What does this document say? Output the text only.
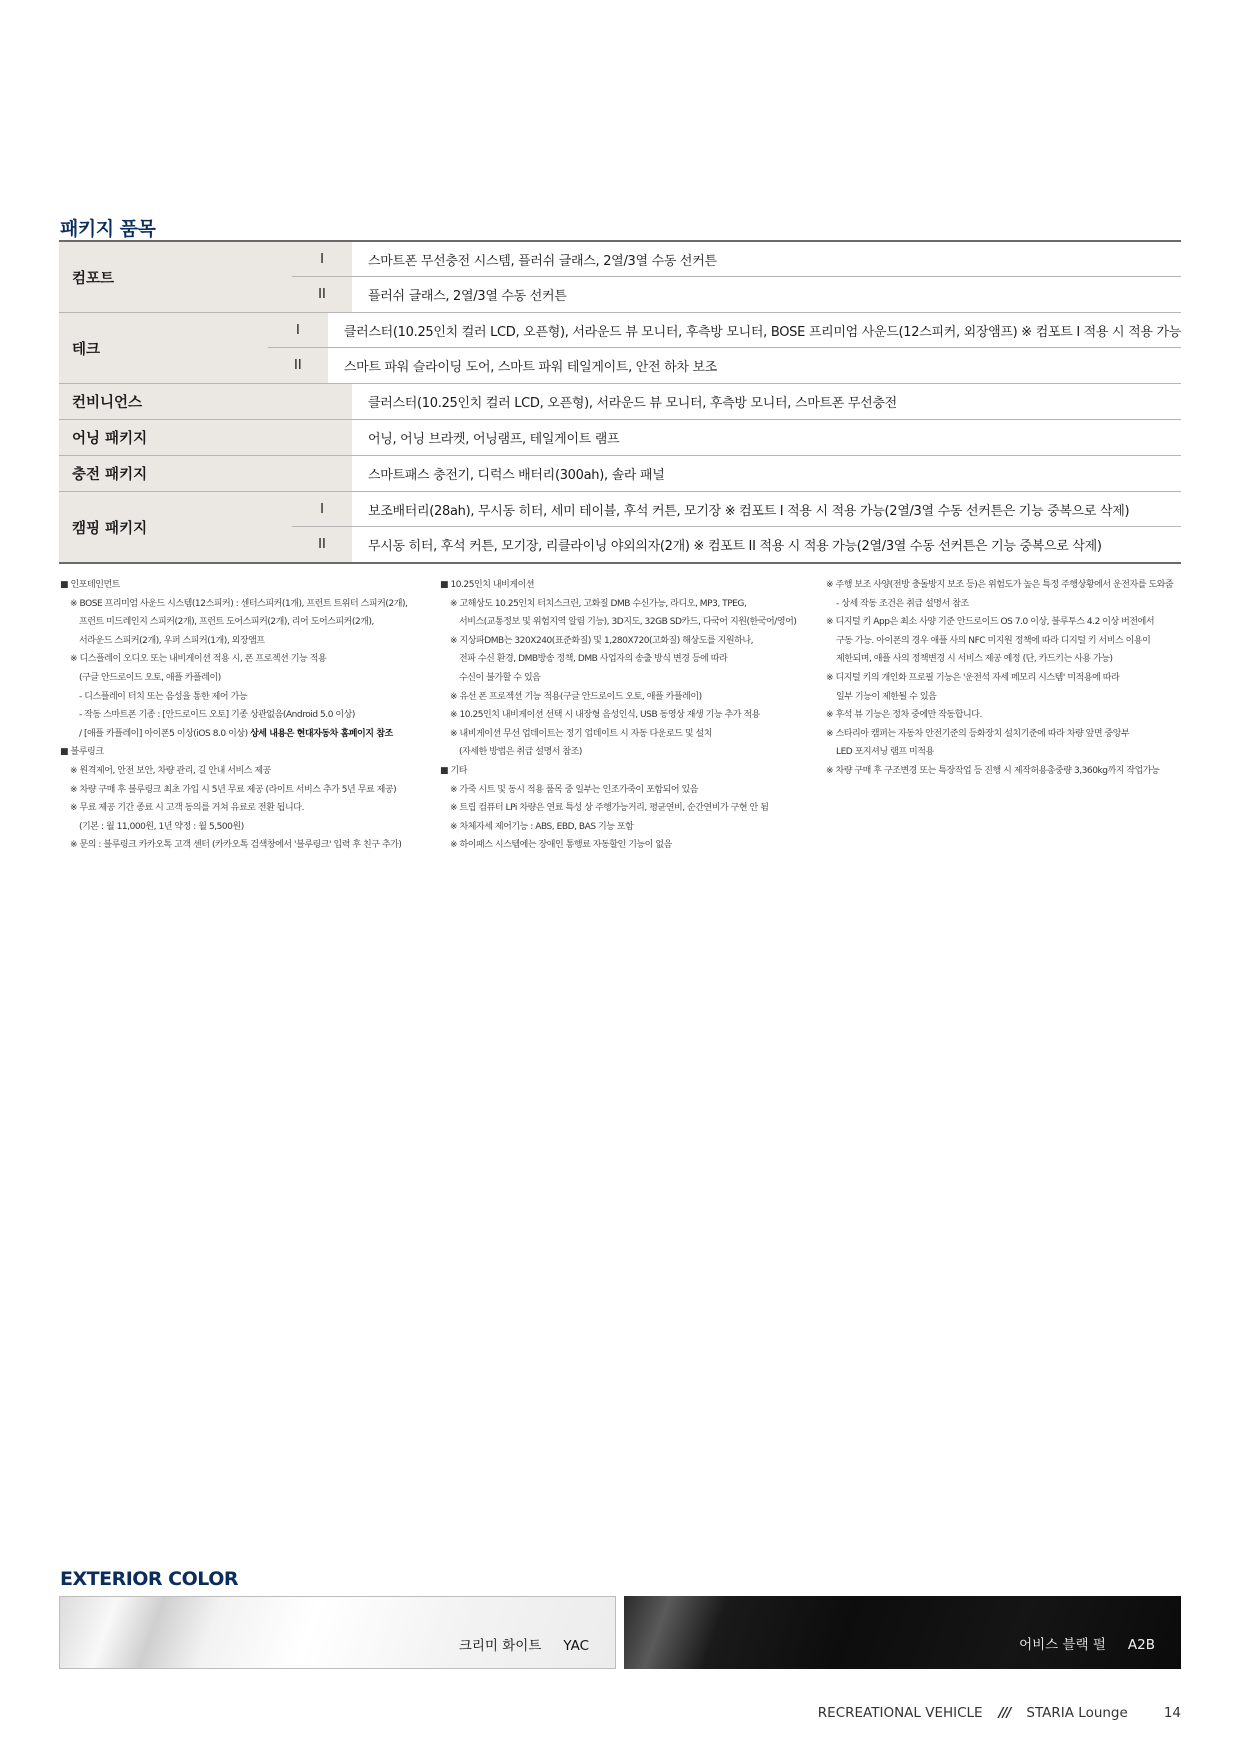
패키지 품목
컴포트
I	스마트폰 무선충전 시스템, 플러쉬 글래스, 2열/3열 수동 선커튼
II	플러쉬 글래스, 2열/3열 수동 선커튼
테크
I	클러스터(10.25인치 컬러 LCD, 오픈형), 서라운드 뷰 모니터, 후측방 모니터, BOSE 프리미엄 사운드(12스피커, 외장앰프) ※ 컴포트 I 적용 시 적용 가능
II	스마트 파워 슬라이딩 도어, 스마트 파워 테일게이트, 안전 하차 보조
컨비니언스	클러스터(10.25인치 컬러 LCD, 오픈형), 서라운드 뷰 모니터, 후측방 모니터, 스마트폰 무선충전
어닝 패키지	어닝, 어닝 브라켓, 어닝램프, 테일게이트 램프
충전 패키지	스마트패스 충전기, 디럭스 배터리(300ah), 솔라 패널
캠핑 패키지
I	보조배터리(28ah), 무시동 히터, 세미 테이블, 후석 커튼, 모기장 ※ 컴포트 I 적용 시 적용 가능(2열/3열 수동 선커튼은 기능 중복으로 삭제)
II	무시동 히터, 후석 커튼, 모기장, 리클라이닝 야외의자(2개) ※ 컴포트 II 적용 시 적용 가능(2열/3열 수동 선커튼은 기능 중복으로 삭제)

■ 인포테인먼트

※ BOSE 프리미엄 사운드 시스템(12스피커) : 센터스피커(1개), 프런트 트위터 스피커(2개),

프런트 미드레인지 스피커(2개), 프런트 도어스피커(2개), 리어 도어스피커(2개),

서라운드 스피커(2개), 우퍼 스피커(1개), 외장앰프

※ 디스플레이 오디오 또는 내비게이션 적용 시, 폰 프로젝션 기능 적용

(구글 안드로이드 오토, 애플 카플레이)

- 디스플레이 터치 또는 음성을 통한 제어 가능

- 작동 스마트폰 기종 : [안드로이드 오토] 기종 상관없음(Android 5.0 이상)

/ [애플 카플레이] 아이폰5 이상(iOS 8.0 이상) 상세 내용은 현대자동차 홈페이지 참조

■ 블루링크

※ 원격제어, 안전 보안, 차량 관리, 길 안내 서비스 제공

※ 차량 구매 후 블루링크 최초 가입 시 5년 무료 제공 (라이트 서비스 추가 5년 무료 제공)

※ 무료 제공 기간 종료 시 고객 동의를 거쳐 유료로 전환 됩니다.

(기본 : 월 11,000원, 1년 약정 : 월 5,500원)

※ 문의 : 블루링크 카카오톡 고객 센터 (카카오톡 검색창에서 '블루링크' 입력 후 친구 추가)

■ 10.25인치 내비게이션

※ 고해상도 10.25인치 터치스크린, 고화질 DMB 수신가능, 라디오, MP3, TPEG,

서비스(교통정보 및 위험지역 알림 기능), 3D지도, 32GB SD카드, 다국어 지원(한국어/영어)

※ 지상파DMB는 320X240(표준화질) 및 1,280X720(고화질) 해상도를 지원하나,

전파 수신 환경, DMB방송 정책, DMB 사업자의 송출 방식 변경 등에 따라

수신이 불가할 수 있음

※ 유선 폰 프로젝션 기능 적용(구글 안드로이드 오토, 애플 카플레이)

※ 10.25인치 내비게이션 선택 시 내장형 음성인식, USB 동영상 재생 기능 추가 적용

※ 내비게이션 무선 업데이트는 정기 업데이트 시 자동 다운로드 및 설치

(자세한 방법은 취급 설명서 참조)

■ 기타

※ 가죽 시트 및 동시 적용 품목 중 일부는 인조가죽이 포함되어 있음

※ 트립 컴퓨터 LPi 차량은 연료 특성 상 주행가능거리, 평균연비, 순간연비가 구현 안 됨

※ 차체자세 제어기능 : ABS, EBD, BAS 기능 포함

※ 하이패스 시스템에는 장애인 통행료 자동할인 기능이 없음

※ 주행 보조 사양(전방 충돌방지 보조 등)은 위험도가 높은 특정 주행상황에서 운전자를 도와줌

- 상세 작동 조건은 취급 설명서 참조

※ 디지털 키 App은 최소 사양 기준 안드로이드 OS 7.0 이상, 블루투스 4.2 이상 버전에서

구동 가능. 아이폰의 경우 애플 사의 NFC 미지원 정책에 따라 디지털 키 서비스 이용이

제한되며, 애플 사의 정책변경 시 서비스 제공 예정 (단, 카드키는 사용 가능)

※ 디지털 키의 개인화 프로필 기능은 '운전석 자세 메모리 시스템' 미적용에 따라

일부 기능이 제한될 수 있음

※ 후석 뷰 기능은 정차 중에만 작동합니다.

※ 스타리아 캠퍼는 자동차 안전기준의 등화장치 설치기준에 따라 차량 앞면 중앙부

LED 포지셔닝 램프 미적용

※ 차량 구매 후 구조변경 또는 특장작업 등 진행 시 제작허용총중량 3,360kg까지 작업가능

EXTERIOR COLOR
크리미 화이트 YAC	어비스 블랙 펄 A2B
RECREATIONAL VEHICLE /// STARIA Lounge	14
